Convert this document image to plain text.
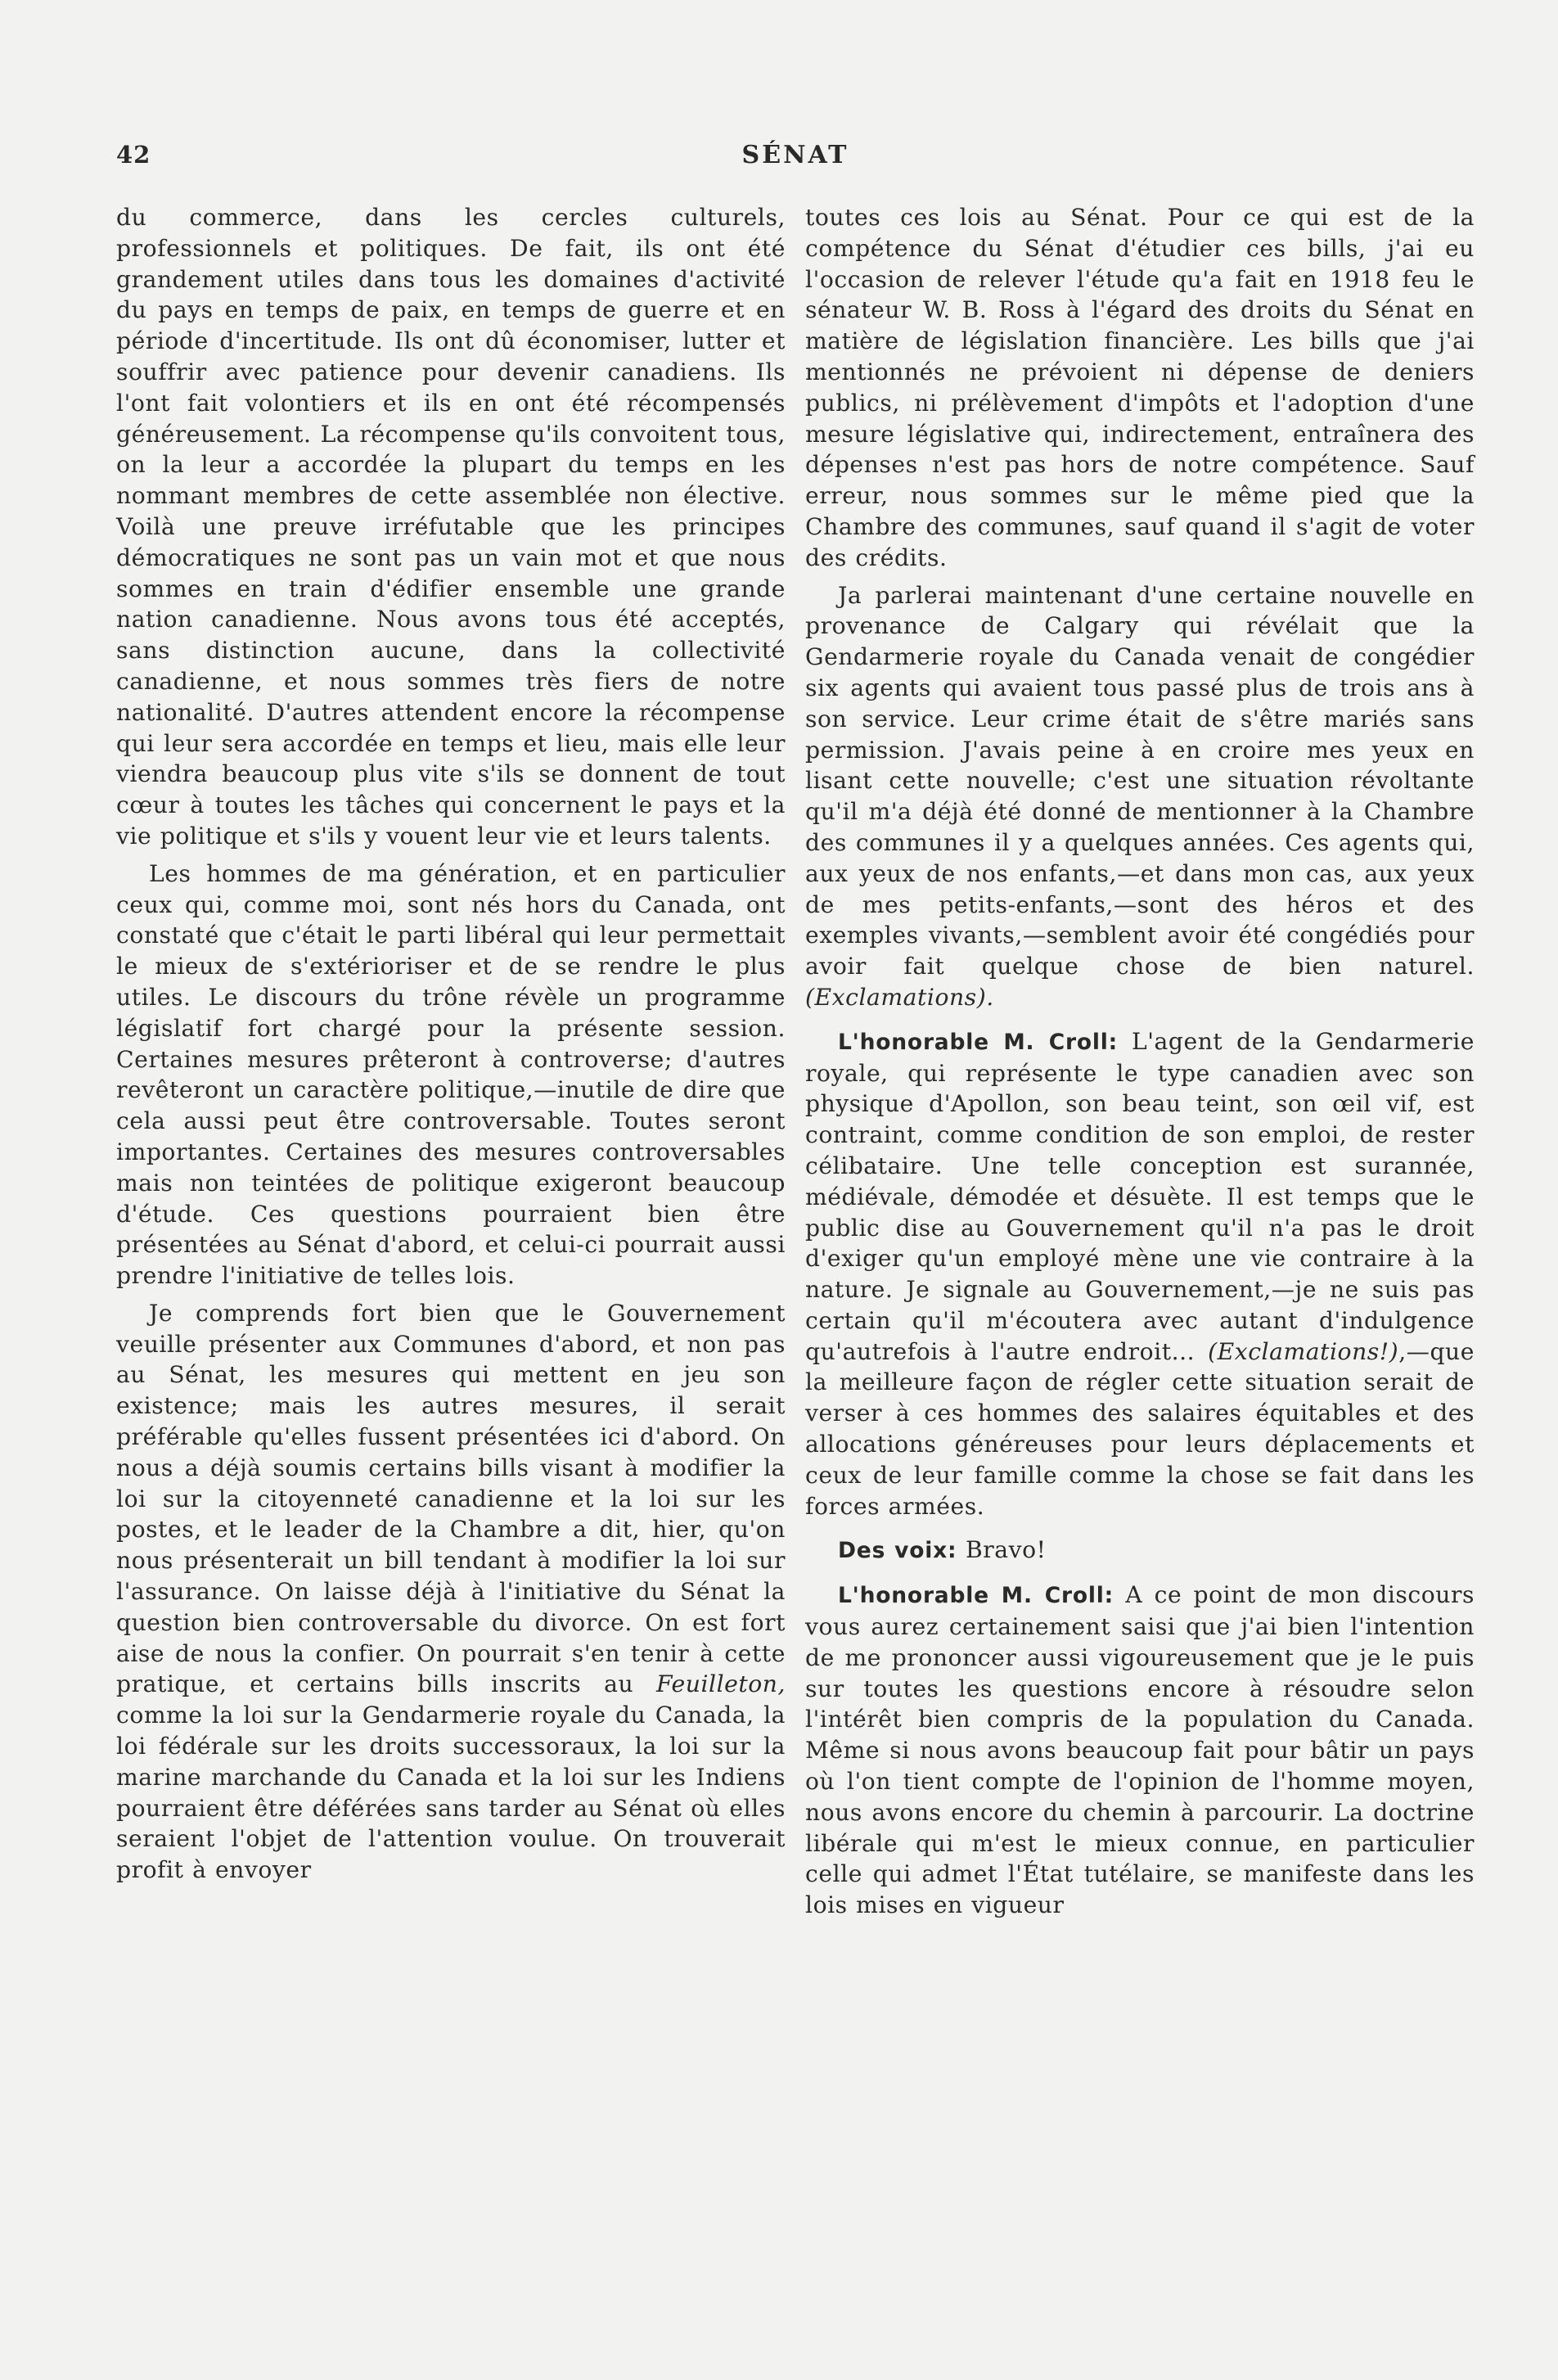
42	SÉNAT

du commerce, dans les cercles culturels, professionnels et politiques. De fait, ils ont été grandement utiles dans tous les domaines d'activité du pays en temps de paix, en temps de guerre et en période d'incertitude. Ils ont dû économiser, lutter et souffrir avec patience pour devenir canadiens. Ils l'ont fait volontiers et ils en ont été récompensés généreusement. La récompense qu'ils convoitent tous, on la leur a accordée la plupart du temps en les nommant membres de cette assemblée non élective. Voilà une preuve irréfutable que les principes démocratiques ne sont pas un vain mot et que nous sommes en train d'édifier ensemble une grande nation canadienne. Nous avons tous été acceptés, sans distinction aucune, dans la collectivité canadienne, et nous sommes très fiers de notre nationalité. D'autres attendent encore la récompense qui leur sera accordée en temps et lieu, mais elle leur viendra beaucoup plus vite s'ils se donnent de tout cœur à toutes les tâches qui concernent le pays et la vie politique et s'ils y vouent leur vie et leurs talents.

Les hommes de ma génération, et en particulier ceux qui, comme moi, sont nés hors du Canada, ont constaté que c'était le parti libéral qui leur permettait le mieux de s'extérioriser et de se rendre le plus utiles. Le discours du trône révèle un programme législatif fort chargé pour la présente session. Certaines mesures prêteront à controverse; d'autres revêteront un caractère politique,—inutile de dire que cela aussi peut être controversable. Toutes seront importantes. Certaines des mesures controversables mais non teintées de politique exigeront beaucoup d'étude. Ces questions pourraient bien être présentées au Sénat d'abord, et celui-ci pourrait aussi prendre l'initiative de telles lois.

Je comprends fort bien que le Gouvernement veuille présenter aux Communes d'abord, et non pas au Sénat, les mesures qui mettent en jeu son existence; mais les autres mesures, il serait préférable qu'elles fussent présentées ici d'abord. On nous a déjà soumis certains bills visant à modifier la loi sur la citoyenneté canadienne et la loi sur les postes, et le leader de la Chambre a dit, hier, qu'on nous présenterait un bill tendant à modifier la loi sur l'assurance. On laisse déjà à l'initiative du Sénat la question bien controversable du divorce. On est fort aise de nous la confier. On pourrait s'en tenir à cette pratique, et certains bills inscrits au Feuilleton, comme la loi sur la Gendarmerie royale du Canada, la loi fédérale sur les droits successoraux, la loi sur la marine marchande du Canada et la loi sur les Indiens pourraient être déférées sans tarder au Sénat où elles seraient l'objet de l'attention voulue. On trouverait profit à envoyer

toutes ces lois au Sénat. Pour ce qui est de la compétence du Sénat d'étudier ces bills, j'ai eu l'occasion de relever l'étude qu'a fait en 1918 feu le sénateur W. B. Ross à l'égard des droits du Sénat en matière de législation financière. Les bills que j'ai mentionnés ne prévoient ni dépense de deniers publics, ni prélèvement d'impôts et l'adoption d'une mesure législative qui, indirectement, entraînera des dépenses n'est pas hors de notre compétence. Sauf erreur, nous sommes sur le même pied que la Chambre des communes, sauf quand il s'agit de voter des crédits.

Ja parlerai maintenant d'une certaine nouvelle en provenance de Calgary qui révélait que la Gendarmerie royale du Canada venait de congédier six agents qui avaient tous passé plus de trois ans à son service. Leur crime était de s'être mariés sans permission. J'avais peine à en croire mes yeux en lisant cette nouvelle; c'est une situation révoltante qu'il m'a déjà été donné de mentionner à la Chambre des communes il y a quelques années. Ces agents qui, aux yeux de nos enfants,—et dans mon cas, aux yeux de mes petits-enfants,—sont des héros et des exemples vivants,—semblent avoir été congédiés pour avoir fait quelque chose de bien naturel. (Exclamations).

L'honorable M. Croll: L'agent de la Gendarmerie royale, qui représente le type canadien avec son physique d'Apollon, son beau teint, son œil vif, est contraint, comme condition de son emploi, de rester célibataire. Une telle conception est surannée, médiévale, démodée et désuète. Il est temps que le public dise au Gouvernement qu'il n'a pas le droit d'exiger qu'un employé mène une vie contraire à la nature. Je signale au Gouvernement,—je ne suis pas certain qu'il m'écoutera avec autant d'indulgence qu'autrefois à l'autre endroit... (Exclamations!),—que la meilleure façon de régler cette situation serait de verser à ces hommes des salaires équitables et des allocations généreuses pour leurs déplacements et ceux de leur famille comme la chose se fait dans les forces armées.

Des voix: Bravo!

L'honorable M. Croll: A ce point de mon discours vous aurez certainement saisi que j'ai bien l'intention de me prononcer aussi vigoureusement que je le puis sur toutes les questions encore à résoudre selon l'intérêt bien compris de la population du Canada. Même si nous avons beaucoup fait pour bâtir un pays où l'on tient compte de l'opinion de l'homme moyen, nous avons encore du chemin à parcourir. La doctrine libérale qui m'est le mieux connue, en particulier celle qui admet l'État tutélaire, se manifeste dans les lois mises en vigueur
